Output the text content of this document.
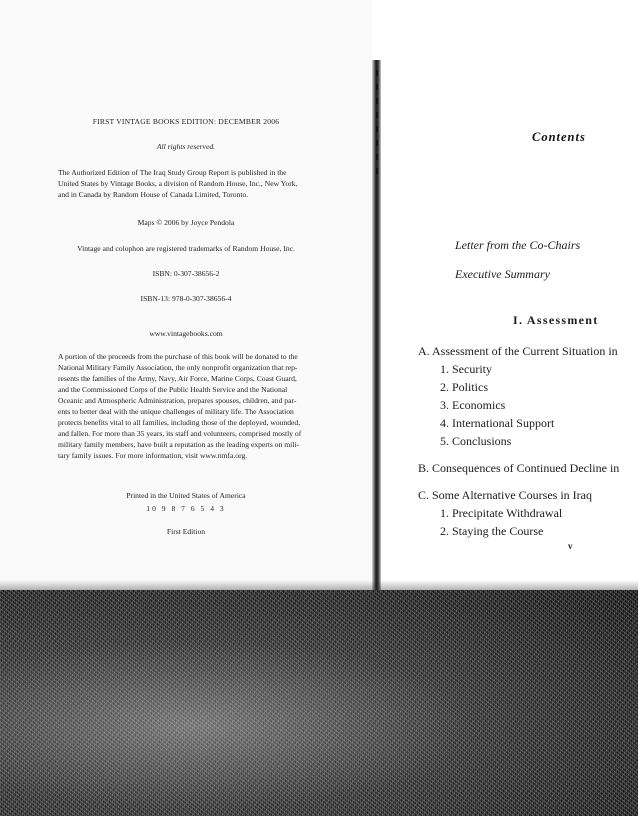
FIRST VINTAGE BOOKS EDITION: DECEMBER 2006
All rights reserved.
The Authorized Edition of The Iraq Study Group Report is published in the
United States by Vintage Books, a division of Random House, Inc., New York,
and in Canada by Random House of Canada Limited, Toronto.
Maps © 2006 by Joyce Pendola
Vintage and colophon are registered trademarks of Random House, Inc.
ISBN: 0-307-38656-2
ISBN-13: 978-0-307-38656-4
www.vintagebooks.com
A portion of the proceeds from the purchase of this book will be donated to the
National Military Family Association, the only nonprofit organization that rep-
resents the families of the Army, Navy, Air Force, Marine Corps, Coast Guard,
and the Commissioned Corps of the Public Health Service and the National
Oceanic and Atmospheric Administration, prepares spouses, children, and par-
ents to better deal with the unique challenges of military life. The Association
protects benefits vital to all families, including those of the deployed, wounded,
and fallen. For more than 35 years, its staff and volunteers, comprised mostly of
military family members, have built a reputation as the leading experts on mili-
tary family issues. For more information, visit www.nmfa.org.
Printed in the United States of America
10 9 8 7 6 5 4 3
First Edition
Contents
Letter from the Co-Chairs
Executive Summary
I. Assessment
A. Assessment of the Current Situation in
1. Security
2. Politics
3. Economics
4. International Support
5. Conclusions
B. Consequences of Continued Decline in
C. Some Alternative Courses in Iraq
1. Precipitate Withdrawal
2. Staying the Course
v
